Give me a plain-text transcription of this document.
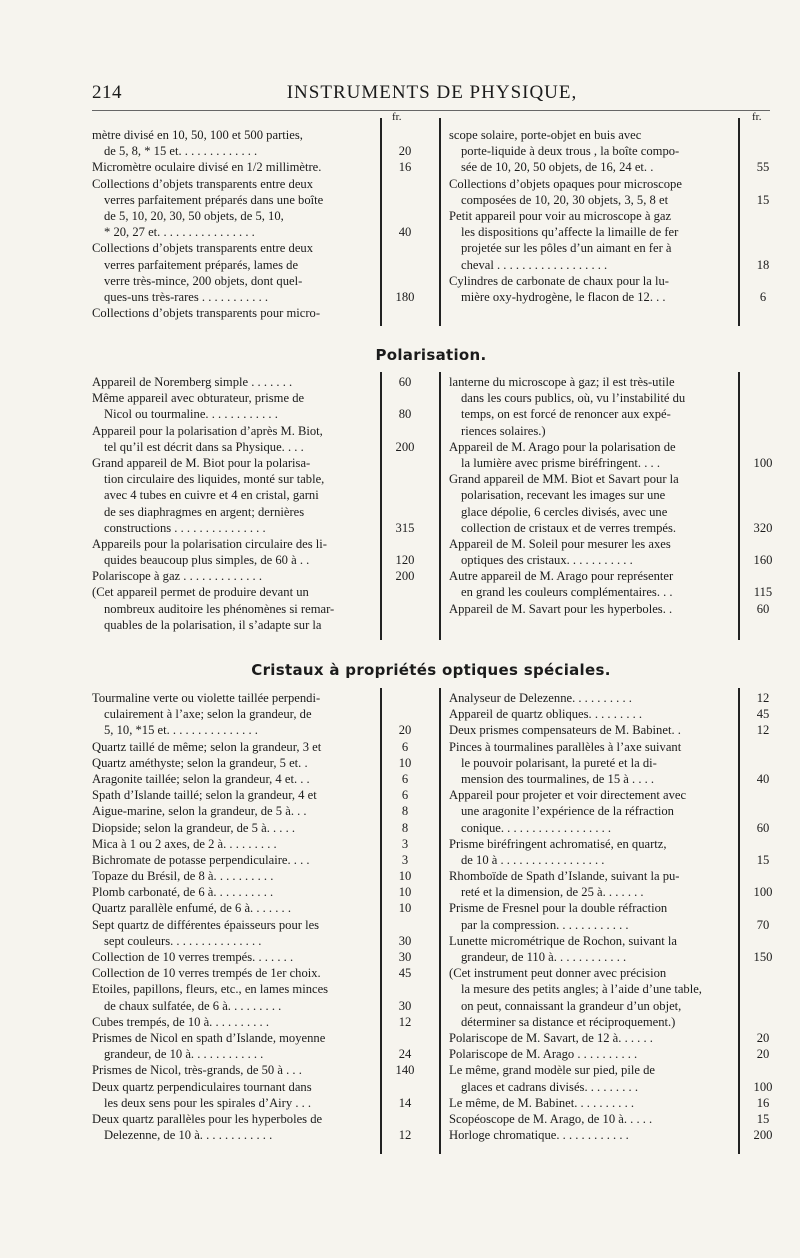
214	INSTRUMENTS DE PHYSIQUE,
fr.	fr.
mètre divisé en 10, 50, 100 et 500 parties,
de 5, 8, * 15 et. . . . . . . . . . . . .
Micromètre oculaire divisé en 1/2 millimètre.
Collections d’objets transparents entre deux
verres parfaitement préparés dans une boîte
de 5, 10, 20, 30, 50 objets, de 5, 10,
* 20, 27 et. . . . . . . . . . . . . . . .
Collections d’objets transparents entre deux
verres parfaitement préparés, lames de
verre très-mince, 200 objets, dont quel-
ques-uns très-rares . . . . . . . . . . .
Collections d’objets transparents pour micro-
20
16
40
180
scope solaire, porte-objet en buis avec
porte-liquide à deux trous , la boîte compo-
sée de 10, 20, 50 objets, de 16, 24 et. .
Collections d’objets opaques pour microscope
composées de 10, 20, 30 objets, 3, 5, 8 et
Petit appareil pour voir au microscope à gaz
les dispositions qu’affecte la limaille de fer
projetée sur les pôles d’un aimant en fer à
cheval . . . . . . . . . . . . . . . . . .
Cylindres de carbonate de chaux pour la lu-
mière oxy-hydrogène, le flacon de 12. . .
55
15
18
6
Polarisation.
Appareil de Noremberg simple . . . . . . .
Même appareil avec obturateur, prisme de
Nicol ou tourmaline. . . . . . . . . . . .
Appareil pour la polarisation d’après M. Biot,
tel qu’il est décrit dans sa Physique. . . .
Grand appareil de M. Biot pour la polarisa-
tion circulaire des liquides, monté sur table,
avec 4 tubes en cuivre et 4 en cristal, garni
de ses diaphragmes en argent; dernières
constructions . . . . . . . . . . . . . . .
Appareils pour la polarisation circulaire des li-
quides beaucoup plus simples, de 60 à . .
Polariscope à gaz . . . . . . . . . . . . .
(Cet appareil permet de produire devant un
nombreux auditoire les phénomènes si remar-
quables de la polarisation, il s’adapte sur la
60
80
200
315
120
200
lanterne du microscope à gaz; il est très-utile
dans les cours publics, où, vu l’instabilité du
temps, on est forcé de renoncer aux expé-
riences solaires.)
Appareil de M. Arago pour la polarisation de
la lumière avec prisme biréfringent. . . .
Grand appareil de MM. Biot et Savart pour la
polarisation, recevant les images sur une
glace dépolie, 6 cercles divisés, avec une
collection de cristaux et de verres trempés.
Appareil de M. Soleil pour mesurer les axes
optiques des cristaux. . . . . . . . . . .
Autre appareil de M. Arago pour représenter
en grand les couleurs complémentaires. . .
Appareil de M. Savart pour les hyperboles. .
100
320
160
115
60
Cristaux à propriétés optiques spéciales.
Tourmaline verte ou violette taillée perpendi-
culairement à l’axe; selon la grandeur, de
5, 10, *15 et. . . . . . . . . . . . . . .
Quartz taillé de même; selon la grandeur, 3 et
Quartz améthyste; selon la grandeur, 5 et. .
Aragonite taillée; selon la grandeur, 4 et. . .
Spath d’Islande taillé; selon la grandeur, 4 et
Aigue-marine, selon la grandeur, de 5 à. . .
Diopside; selon la grandeur, de 5 à. . . . .
Mica à 1 ou 2 axes, de 2 à. . . . . . . . .
Bichromate de potasse perpendiculaire. . . .
Topaze du Brésil, de 8 à. . . . . . . . . .
Plomb carbonaté, de 6 à. . . . . . . . . .
Quartz parallèle enfumé, de 6 à. . . . . . .
Sept quartz de différentes épaisseurs pour les
sept couleurs. . . . . . . . . . . . . . .
Collection de 10 verres trempés. . . . . . .
Collection de 10 verres trempés de 1er choix.
Etoiles, papillons, fleurs, etc., en lames minces
de chaux sulfatée, de 6 à. . . . . . . . .
Cubes trempés, de 10 à. . . . . . . . . .
Prismes de Nicol en spath d’Islande, moyenne
grandeur, de 10 à. . . . . . . . . . . .
Prismes de Nicol, très-grands, de 50 à . . .
Deux quartz perpendiculaires tournant dans
les deux sens pour les spirales d’Airy . . .
Deux quartz parallèles pour les hyperboles de
Delezenne, de 10 à. . . . . . . . . . . .
20
6
10
6
6
8
8
3
3
10
10
10
30
30
45
30
12
24
140
14
12
Analyseur de Delezenne. . . . . . . . . .
Appareil de quartz obliques. . . . . . . . .
Deux prismes compensateurs de M. Babinet. .
Pinces à tourmalines parallèles à l’axe suivant
le pouvoir polarisant, la pureté et la di-
mension des tourmalines, de 15 à . . . .
Appareil pour projeter et voir directement avec
une aragonite l’expérience de la réfraction
conique. . . . . . . . . . . . . . . . . .
Prisme biréfringent achromatisé, en quartz,
de 10 à . . . . . . . . . . . . . . . . .
Rhomboïde de Spath d’Islande, suivant la pu-
reté et la dimension, de 25 à. . . . . . .
Prisme de Fresnel pour la double réfraction
par la compression. . . . . . . . . . . .
Lunette micrométrique de Rochon, suivant la
grandeur, de 110 à. . . . . . . . . . . .
(Cet instrument peut donner avec précision
la mesure des petits angles; à l’aide d’une table,
on peut, connaissant la grandeur d’un objet,
déterminer sa distance et réciproquement.)
Polariscope de M. Savart, de 12 à. . . . . .
Polariscope de M. Arago . . . . . . . . . .
Le même, grand modèle sur pied, pile de
glaces et cadrans divisés. . . . . . . . .
Le même, de M. Babinet. . . . . . . . . .
Scopéoscope de M. Arago, de 10 à. . . . .
Horloge chromatique. . . . . . . . . . . .
12
45
12
40
60
15
100
70
150
20
20
100
16
15
200
